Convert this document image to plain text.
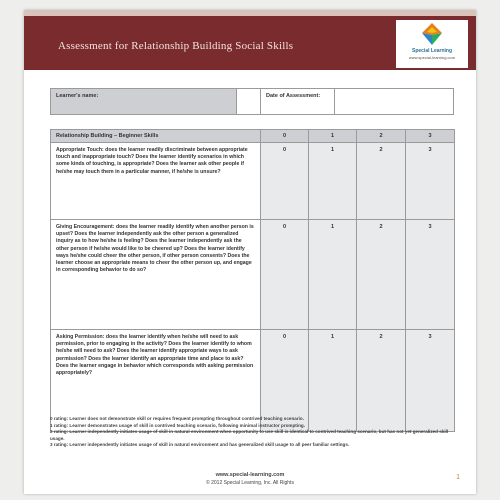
Assessment for Relationship Building Social Skills	Special Learning
www.special-learning.com
Learner's name:	Date of Assessment:
Relationship Building – Beginner Skills	0	1	2	3
Appropriate Touch: does the learner readily discriminate between appropriate touch and inappropriate touch? Does the learner identify scenarios in which some kinds of touching, is appropriate? Does the learner ask other people if he/she may touch them in a particular manner, if he/she is unsure?	0	1	2	3
Giving Encouragement: does the learner readily identify when another person is upset? Does the learner independently ask the other person a generalized inquiry as to how he/she is feeling? Does the learner independently ask the other person if he/she would like to be cheered up? Does the learner identify ways he/she could cheer the other person, if other person consents? Does the learner choose an appropriate means to cheer the other person up, and engage in corresponding behavior to do so?	0	1	2	3
Asking Permission: does the learner identify when he/she will need to ask permission, prior to engaging in the activity? Does the learner identify to whom he/she will need to ask? Does the learner identify appropriate ways to ask permission? Does the learner identify an appropriate time and place to ask? Does the learner engage in behavior which corresponds with asking permission appropriately?	0	1	2	3

0 rating: Learner does not demonstrate skill or requires frequent prompting throughout contrived teaching scenario.

1 rating: Learner demonstrates usage of skill in contrived teaching scenario, following minimal instructor prompting.

2 rating: Learner independently initiates usage of skill in natural environment when opportunity to use skill is identical to contrived teaching scenario, but has not yet generalized skill usage.

3 rating: Learner independently initiates usage of skill in natural environment and has generalized skill usage to all peer familiar settings.

www.special-learning.com
© 2012 Special Learning, Inc. All Rights
1
